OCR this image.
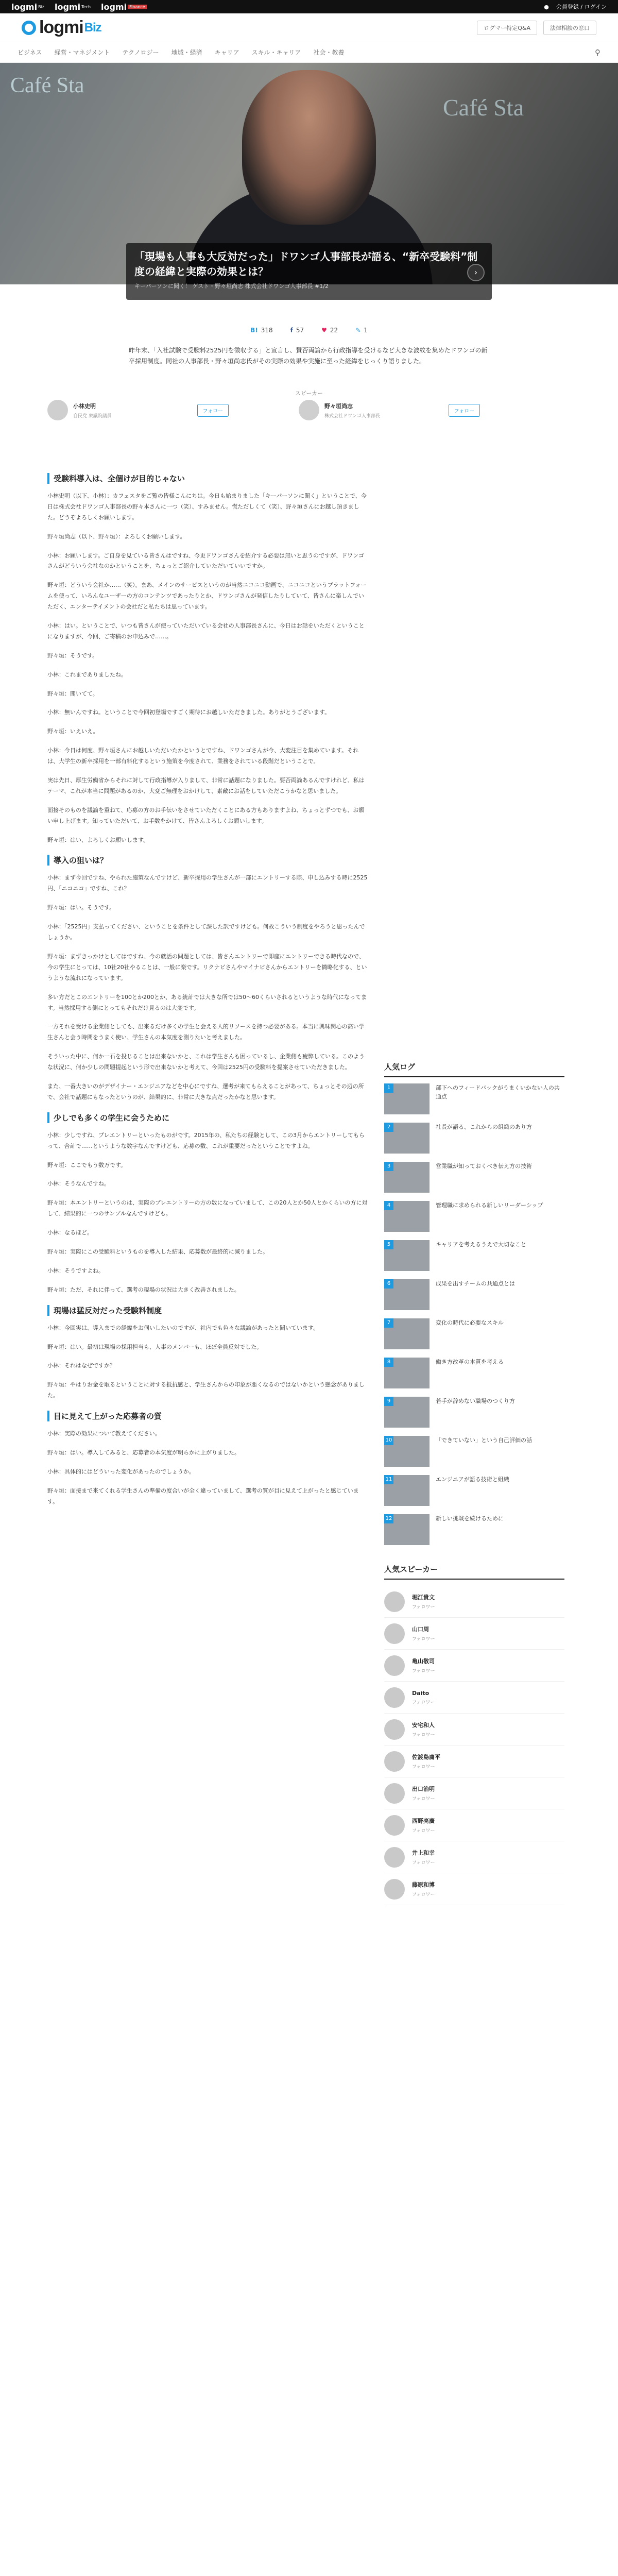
logmi Biz logmi Tech logmi Finance	● 会員登録 / ログイン
logmi Biz	ログマー特定Q&A	法律相談の窓口
ビジネス 経営・マネジメント テクノロジー 地域・経済 キャリア スキル・キャリア 社会・教養	⚲
Café Sta
Café Sta
「現場も人事も大反対だった」ドワンゴ人事部長が語る、“新卒受験料”制度の経緯と実際の効果とは？
キーパーソンに聞く！ ゲスト・野々垣尚志 株式会社ドワンゴ人事部長 #1/2
›
B! 318	f 57	♥ 22	✎ 1
昨年末、「入社試験で受験料2525円を徴収する」と宣言し、賛否両論から行政指導を受けるなど大きな波紋を集めたドワンゴの新卒採用制度。同社の人事部長・野々垣尚志氏がその実際の効果や実施に至った経緯をじっくり語りました。
スピーカー
小林史明
自民党 衆議院議員
フォロー
野々垣尚志
株式会社ドワンゴ人事部長
フォロー
受験料導入は、全個けが目的じゃない

小林史明（以下、小林）：カフェスタをご覧の皆様こんにちは。今日も始まりました「キーパーソンに聞く」ということで、今日は株式会社ドワンゴ人事部長の野々本さんに一つ（笑）、すみません。慌ただしくて（笑）、野々垣さんにお越し頂きました。どうぞよろしくお願いします。

野々垣尚志（以下、野々垣）：よろしくお願いします。

小林：お願いします。ご自身を見ている皆さんはですね、今更ドワンゴさんを紹介する必要は無いと思うのですが、ドワンゴさんがどういう会社なのかということを、ちょっとご紹介していただいていいですか。

野々垣：どういう会社か……（笑）。まあ、メインのサービスというのが当然ニコニコ動画で、ニコニコというプラットフォームを使って、いろんなユーザーの方のコンテンツであったりとか、ドワンゴさんが発信したりしていて、皆さんに楽しんでいただく、エンターテイメントの会社だと私たちは思っています。

小林：はい。ということで、いつも皆さんが使っていただいている会社の人事部長さんに、今日はお話をいただくということになりますが、今回、ご寄稿のお申込みで……。

野々垣：そうです。

小林：これまでありましたね。

野々垣：聞いてて。

小林：無いんですね。ということで今回初登場ですごく期待にお越しいただきました。ありがとうございます。

野々垣：いえいえ。

小林：今日は何度、野々垣さんにお越しいただいたかというとですね、ドワンゴさんが今、大変注目を集めています。それは、大学生の新卒採用を一部有料化するという施策を今度されて、業務をされている段階だということで。

実は先日、厚生労働省からそれに対して行政指導が入りまして、非常に話題になりました。要否両論あるんですけれど、私はテーマ、これが本当に問題があるのか、大変ご無理をおかけして、素敵にお話をしていただこうかなと思いました。

面接そのものを議論を重ねて、応募の方のお手伝いをさせていただくことにある方もありますよね、ちょっとずつでも、お願い申し上げます。知っていただいて、お手数をかけて、皆さんよろしくお願いします。

野々垣：はい、よろしくお願いします。

導入の狙いは？

小林：まず今回ですね、やられた施策なんですけど、新卒採用の学生さんが一部にエントリーする際、申し込みする時に2525円、「ニコニコ」ですね、これ？

野々垣：はい。そうです。

小林：「2525円」支払ってください、ということを条件として課した訳ですけども。何故こういう制度をやろうと思ったんでしょうか。

野々垣：まずきっかけとしてはですね、今の就活の問題としては、皆さんエントリーで即座にエントリーできる時代なので、今の学生にとっては、10社20社やることは、一般に楽です。リクナビさんやマイナビさんからエントリーを簡略化する、というような流れになっています。

多い方だとこのエントリーを100とか200とか、ある統計では大きな所では50～60くらいされるというような時代になってます。当然採用する側にとってもそれだけ見るのは大変です。

一方それを受ける企業側としても、出来るだけ多くの学生と会える人的リソースを持つ必要がある。本当に興味関心の高い学生さんと会う時間をうまく使い、学生さんの本気度を測りたいと考えました。

そういった中に、何か一石を投じることは出来ないかと、これは学生さんも困っているし、企業側も疲弊している。このような状況に、何か少しの問題提起という形で出来ないかと考えて、今回は2525円の受験料を提案させていただきました。

また、一番大きいのがデザイナー・エンジニアなどを中心にですね、選考が来てもらえることがあって、ちょっとその辺の所で、会社で話題にもなったというのが、結果的に、非常に大きな点だったかなと思います。

少しでも多くの学生に会うために

小林：少しですね、プレエントリーといったものがです。2015年の、私たちの経験として、この3月からエントリーしてもらって、合計で……というような数字なんですけども、応募の数、これが重要だったということですよね。

野々垣：ここでもう数万です。

小林：そうなんですね。

野々垣：本エントリーというのは、実際のプレエントリーの方の数になっていまして、この20人とか50人とかくらいの方に対して、結果的に一つのサンプルなんですけども。

小林：なるほど。

野々垣：実際にこの受験料というものを導入した結果、応募数が最終的に減りました。

小林：そうですよね。

野々垣：ただ、それに伴って、選考の現場の状況は大きく改善されました。

現場は猛反対だった受験料制度

小林：今回実は、導入までの経緯をお伺いしたいのですが、社内でも色々な議論があったと聞いています。

野々垣：はい。最初は現場の採用担当も、人事のメンバーも、ほぼ全員反対でした。

小林：それはなぜですか？

野々垣：やはりお金を取るということに対する抵抗感と、学生さんからの印象が悪くなるのではないかという懸念がありました。

目に見えて上がった応募者の質

小林：実際の効果について教えてください。

野々垣：はい。導入してみると、応募者の本気度が明らかに上がりました。

小林：具体的にはどういった変化があったのでしょうか。

野々垣：面接まで来てくれる学生さんの準備の度合いが全く違っていまして、選考の質が目に見えて上がったと感じています。

人気ログ
1	部下へのフィードバックがうまくいかない人の共通点
2	社長が語る、これからの組織のあり方
3	営業職が知っておくべき伝え方の技術
4	管理職に求められる新しいリーダーシップ
5	キャリアを考えるうえで大切なこと
6	成果を出すチームの共通点とは
7	変化の時代に必要なスキル
8	働き方改革の本質を考える
9	若手が辞めない職場のつくり方
10	「できていない」という自己評価の話
11	エンジニアが語る技術と組織
12	新しい挑戦を続けるために
人気スピーカー
堀江貴文
フォロワー
山口周
フォロワー
亀山敬司
フォロワー
Daito
フォロワー
安宅和人
フォロワー
佐渡島庸平
フォロワー
出口治明
フォロワー
西野亮廣
フォロワー
井上和幸
フォロワー
藤原和博
フォロワー
